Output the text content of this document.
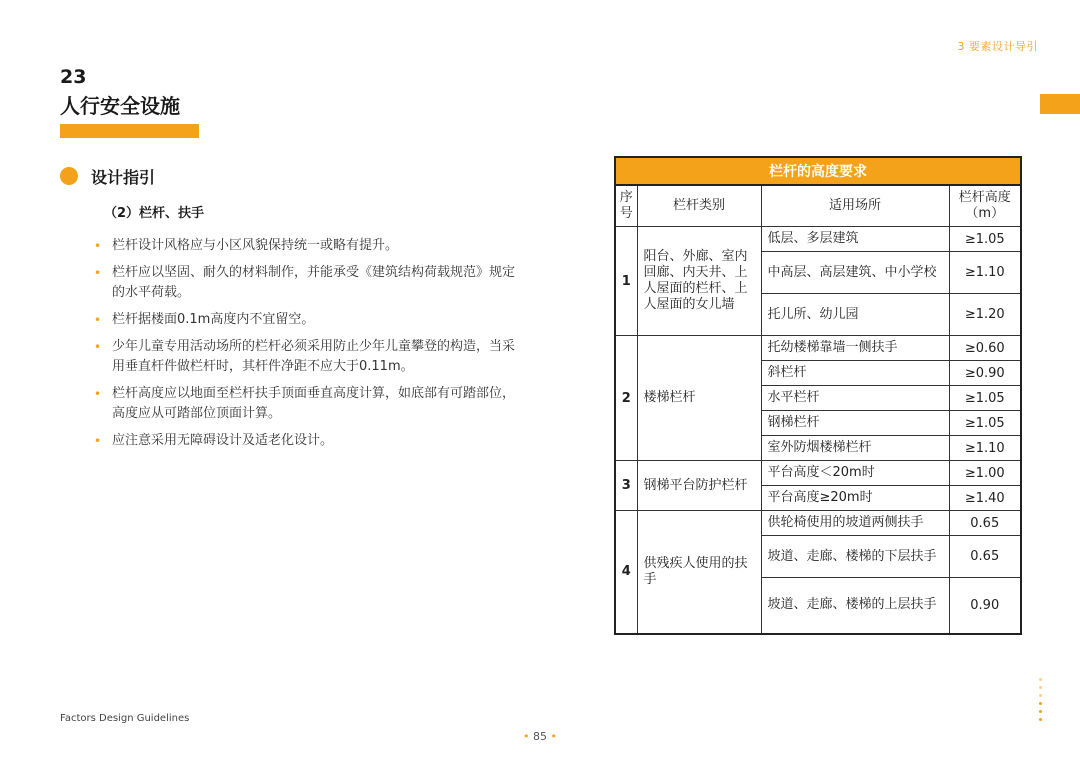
3 要素设计导引
23
人行安全设施
设计指引
（2）栏杆、扶手
• 栏杆设计风格应与小区风貌保持统一或略有提升。
• 栏杆应以坚固、耐久的材料制作，并能承受《建筑结构荷载规范》规定的水平荷载。
• 栏杆据楼面0.1m高度内不宜留空。
• 少年儿童专用活动场所的栏杆必须采用防止少年儿童攀登的构造，当采用垂直杆件做栏杆时，其杆件净距不应大于0.11m。
• 栏杆高度应以地面至栏杆扶手顶面垂直高度计算，如底部有可踏部位，高度应从可踏部位顶面计算。
• 应注意采用无障碍设计及适老化设计。
栏杆的高度要求			
序号	栏杆类别	适用场所	栏杆高度（m）
1	阳台、外廊、室内回廊、内天井、上人屋面的栏杆、上人屋面的女儿墙	低层、多层建筑	≥1.05
		中高层、高层建筑、中小学校	≥1.10
		托儿所、幼儿园	≥1.20
2	楼梯栏杆	托幼楼梯靠墙一侧扶手	≥0.60
		斜栏杆	≥0.90
		水平栏杆	≥1.05
		钢梯栏杆	≥1.05
		室外防烟楼梯栏杆	≥1.10
3	钢梯平台防护栏杆	平台高度＜20m时	≥1.00
		平台高度≥20m时	≥1.40
4	供残疾人使用的扶手	供轮椅使用的坡道两侧扶手	0.65
		坡道、走廊、楼梯的下层扶手	0.65
		坡道、走廊、楼梯的上层扶手	0.90
Factors Design Guidelines
• 85 •
